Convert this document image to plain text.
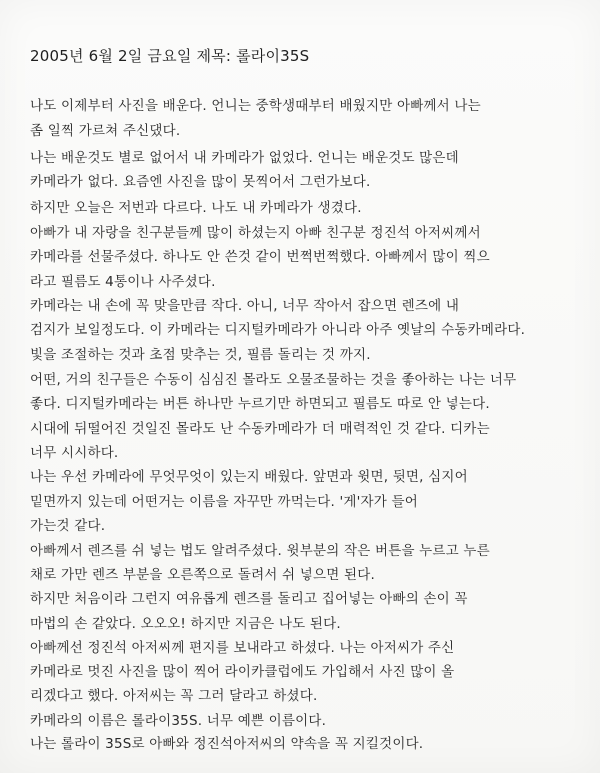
2005년 6월 2일 금요일 제목: 롤라이35S
나도 이제부터 사진을 배운다. 언니는 중학생때부터 배웠지만 아빠께서 나는
좀 일찍 가르쳐 주신댔다.
나는 배운것도 별로 없어서 내 카메라가 없었다. 언니는 배운것도 많은데
카메라가 없다. 요즘엔 사진을 많이 못찍어서 그런가보다.
하지만 오늘은 저번과 다르다. 나도 내 카메라가 생겼다.
아빠가 내 자랑을 친구분들께 많이 하셨는지 아빠 친구분 정진석 아저씨께서
카메라를 선물주셨다. 하나도 안 쓴것 같이 번쩍번쩍했다. 아빠께서 많이 찍으
라고 필름도 4통이나 사주셨다.
카메라는 내 손에 꼭 맞을만큼 작다. 아니, 너무 작아서 잡으면 렌즈에 내
검지가 보일정도다. 이 카메라는 디지털카메라가 아니라 아주 옛날의 수동카메라다.
빛을 조절하는 것과 초점 맞추는 것, 필름 돌리는 것 까지.
어떤, 거의 친구들은 수동이 심심진 몰라도 오물조물하는 것을 좋아하는 나는 너무
좋다. 디지털카메라는 버튼 하나만 누르기만 하면되고 필름도 따로 안 넣는다.
시대에 뒤떨어진 것일진 몰라도 난 수동카메라가 더 매력적인 것 같다. 디카는
너무 시시하다.
나는 우선 카메라에 무엇무엇이 있는지 배웠다. 앞면과 윗면, 뒷면, 심지어
밑면까지 있는데 어떤거는 이름을 자꾸만 까먹는다. '게'자가 들어
가는것 같다.
아빠께서 렌즈를 쉬 넣는 법도 알려주셨다. 윗부분의 작은 버튼을 누르고 누른
채로 가만 렌즈 부분을 오른쪽으로 돌려서 쉬 넣으면 된다.
하지만 처음이라 그런지 여유롭게 렌즈를 돌리고 집어넣는 아빠의 손이 꼭
마법의 손 같았다. 오오오! 하지만 지금은 나도 된다.
아빠께선 정진석 아저씨께 편지를 보내라고 하셨다. 나는 아저씨가 주신
카메라로 멋진 사진을 많이 찍어 라이카클럽에도 가입해서 사진 많이 올
리겠다고 했다. 아저씨는 꼭 그러 달라고 하셨다.
카메라의 이름은 롤라이35S. 너무 예쁜 이름이다.
나는 롤라이 35S로 아빠와 정진석아저씨의 약속을 꼭 지킬것이다.
